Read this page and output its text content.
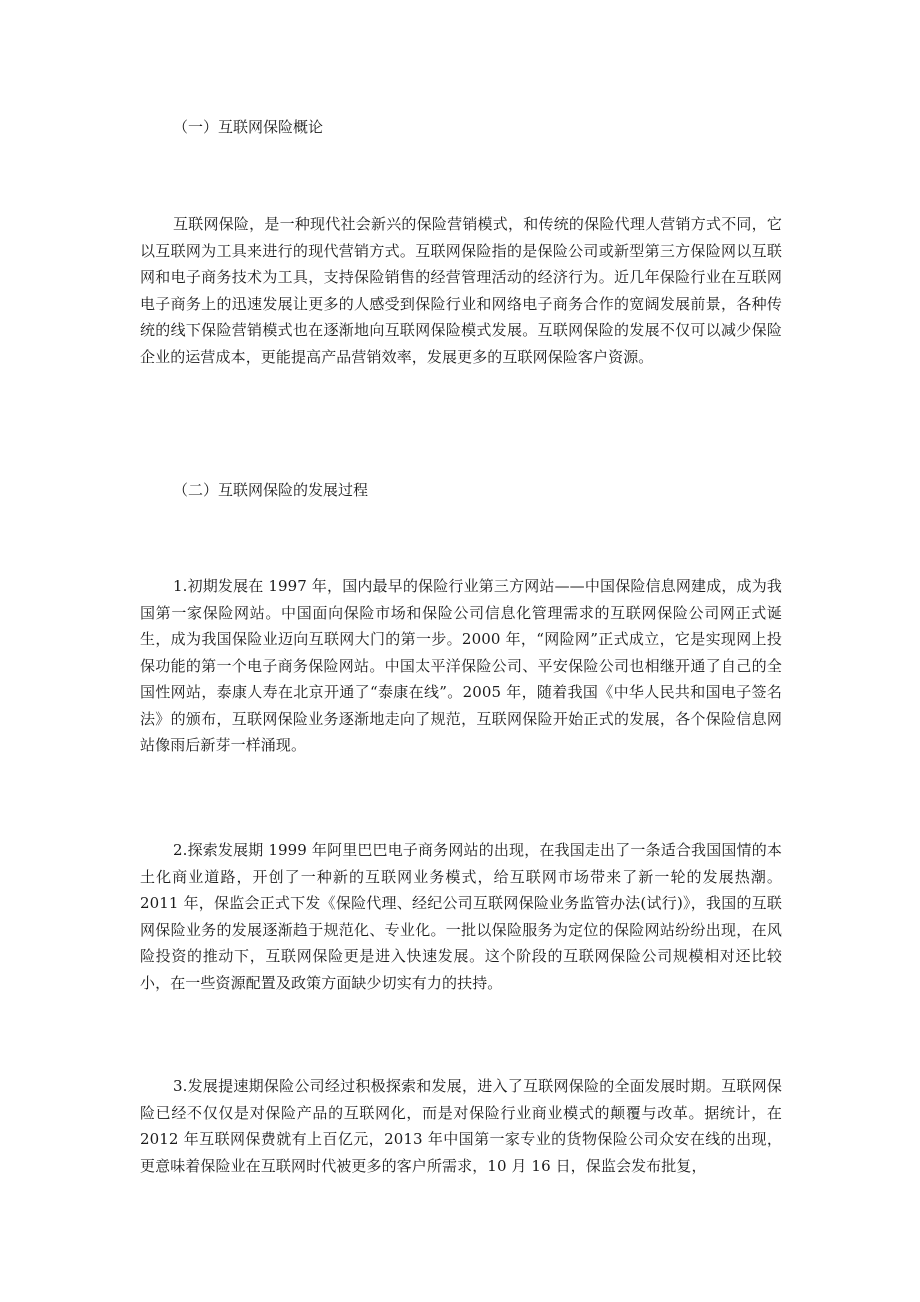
（一）互联网保险概论

互联网保险，是一种现代社会新兴的保险营销模式，和传统的保险代理人营销方式不同，它以互联网为工具来进行的现代营销方式。互联网保险指的是保险公司或新型第三方保险网以互联网和电子商务技术为工具，支持保险销售的经营管理活动的经济行为。近几年保险行业在互联网电子商务上的迅速发展让更多的人感受到保险行业和网络电子商务合作的宽阔发展前景，各种传统的线下保险营销模式也在逐渐地向互联网保险模式发展。互联网保险的发展不仅可以减少保险企业的运营成本，更能提高产品营销效率，发展更多的互联网保险客户资源。

（二）互联网保险的发展过程

1.初期发展在 1997 年，国内最早的保险行业第三方网站——中国保险信息网建成，成为我国第一家保险网站。中国面向保险市场和保险公司信息化管理需求的互联网保险公司网正式诞生，成为我国保险业迈向互联网大门的第一步。2000 年，“网险网”正式成立，它是实现网上投保功能的第一个电子商务保险网站。中国太平洋保险公司、平安保险公司也相继开通了自己的全国性网站，泰康人寿在北京开通了“泰康在线”。2005 年，随着我国《中华人民共和国电子签名法》的颁布，互联网保险业务逐渐地走向了规范，互联网保险开始正式的发展，各个保险信息网站像雨后新芽一样涌现。

2.探索发展期 1999 年阿里巴巴电子商务网站的出现，在我国走出了一条适合我国国情的本土化商业道路，开创了一种新的互联网业务模式，给互联网市场带来了新一轮的发展热潮。2011 年，保监会正式下发《保险代理、经纪公司互联网保险业务监管办法(试行)》，我国的互联网保险业务的发展逐渐趋于规范化、专业化。一批以保险服务为定位的保险网站纷纷出现，在风险投资的推动下，互联网保险更是进入快速发展。这个阶段的互联网保险公司规模相对还比较小，在一些资源配置及政策方面缺少切实有力的扶持。

3.发展提速期保险公司经过积极探索和发展，进入了互联网保险的全面发展时期。互联网保险已经不仅仅是对保险产品的互联网化，而是对保险行业商业模式的颠覆与改革。据统计，在 2012 年互联网保费就有上百亿元，2013 年中国第一家专业的货物保险公司众安在线的出现，更意味着保险业在互联网时代被更多的客户所需求，10 月 16 日，保监会发布批复，
